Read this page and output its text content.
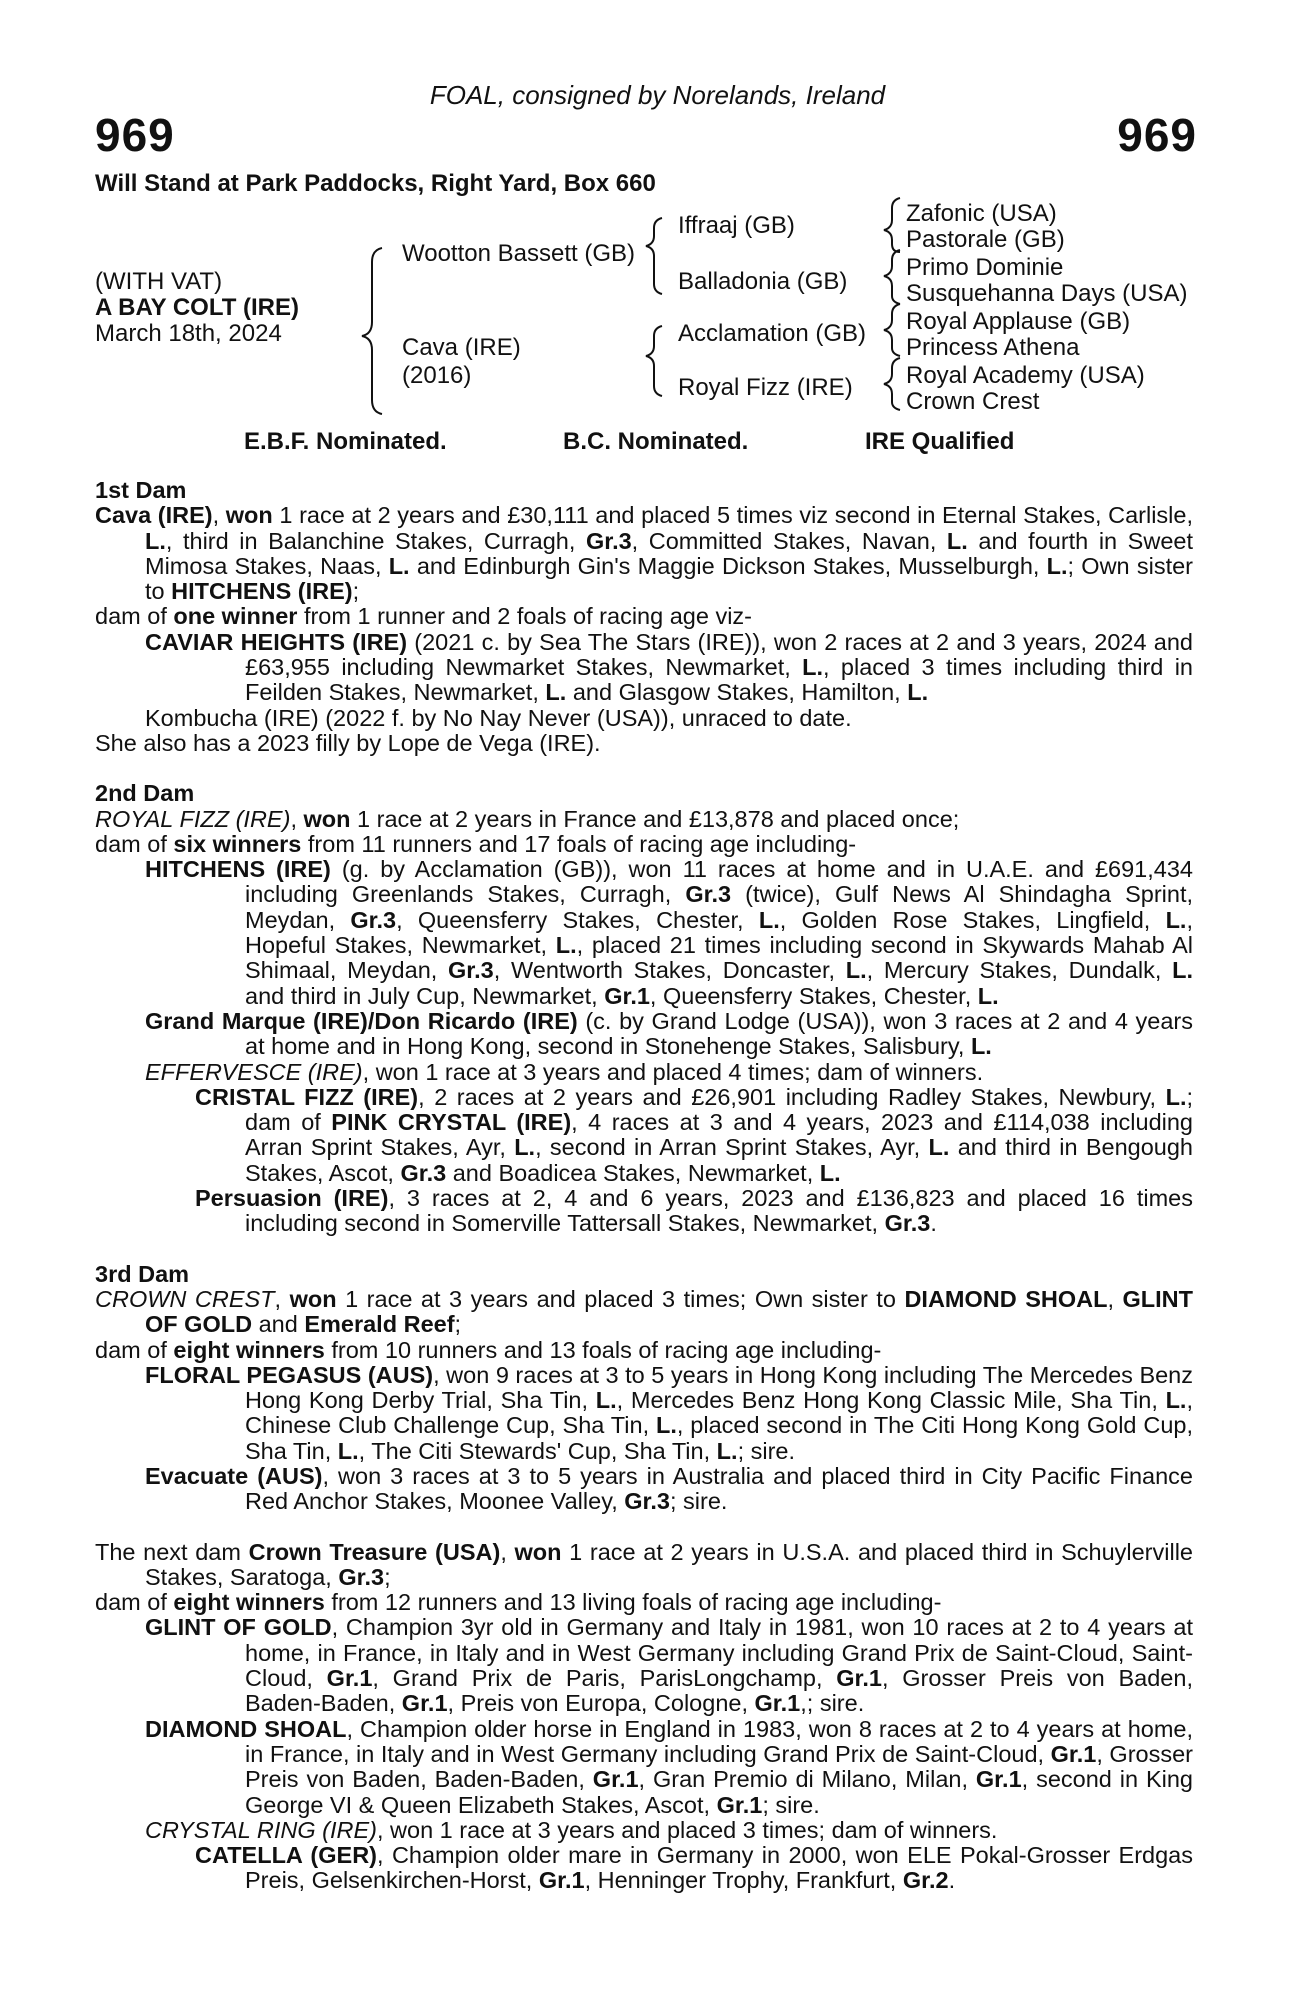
FOAL, consigned by Norelands, Ireland
969	969
Will Stand at Park Paddocks, Right Yard, Box 660
(WITH VAT)
A BAY COLT (IRE)
March 18th, 2024
Wootton Bassett (GB)
Cava (IRE)
(2016)
Iffraaj (GB)
Balladonia (GB)
Acclamation (GB)
Royal Fizz (IRE)
Zafonic (USA)
Pastorale (GB)
Primo Dominie
Susquehanna Days (USA)
Royal Applause (GB)
Princess Athena
Royal Academy (USA)
Crown Crest
E.B.F. Nominated.	B.C. Nominated.	IRE Qualified
1st Dam
Cava (IRE), won 1 race at 2 years and £30,111 and placed 5 times viz second in Eternal Stakes, Carlisle, L., third in Balanchine Stakes, Curragh, Gr.3, Committed Stakes, Navan, L. and fourth in Sweet Mimosa Stakes, Naas, L. and Edinburgh Gin's Maggie Dickson Stakes, Musselburgh, L.; Own sister to HITCHENS (IRE);
dam of one winner from 1 runner and 2 foals of racing age viz-
CAVIAR HEIGHTS (IRE) (2021 c. by Sea The Stars (IRE)), won 2 races at 2 and 3 years, 2024 and £63,955 including Newmarket Stakes, Newmarket, L., placed 3 times including third in Feilden Stakes, Newmarket, L. and Glasgow Stakes, Hamilton, L.
Kombucha (IRE) (2022 f. by No Nay Never (USA)), unraced to date.
She also has a 2023 filly by Lope de Vega (IRE).
2nd Dam
ROYAL FIZZ (IRE), won 1 race at 2 years in France and £13,878 and placed once;
dam of six winners from 11 runners and 17 foals of racing age including-
HITCHENS (IRE) (g. by Acclamation (GB)), won 11 races at home and in U.A.E. and £691,434 including Greenlands Stakes, Curragh, Gr.3 (twice), Gulf News Al Shindagha Sprint, Meydan, Gr.3, Queensferry Stakes, Chester, L., Golden Rose Stakes, Lingfield, L., Hopeful Stakes, Newmarket, L., placed 21 times including second in Skywards Mahab Al Shimaal, Meydan, Gr.3, Wentworth Stakes, Doncaster, L., Mercury Stakes, Dundalk, L. and third in July Cup, Newmarket, Gr.1, Queensferry Stakes, Chester, L.
Grand Marque (IRE)/Don Ricardo (IRE) (c. by Grand Lodge (USA)), won 3 races at 2 and 4 years at home and in Hong Kong, second in Stonehenge Stakes, Salisbury, L.
EFFERVESCE (IRE), won 1 race at 3 years and placed 4 times; dam of winners.
CRISTAL FIZZ (IRE), 2 races at 2 years and £26,901 including Radley Stakes, Newbury, L.; dam of PINK CRYSTAL (IRE), 4 races at 3 and 4 years, 2023 and £114,038 including Arran Sprint Stakes, Ayr, L., second in Arran Sprint Stakes, Ayr, L. and third in Bengough Stakes, Ascot, Gr.3 and Boadicea Stakes, Newmarket, L.
Persuasion (IRE), 3 races at 2, 4 and 6 years, 2023 and £136,823 and placed 16 times including second in Somerville Tattersall Stakes, Newmarket, Gr.3.
3rd Dam
CROWN CREST, won 1 race at 3 years and placed 3 times; Own sister to DIAMOND SHOAL, GLINT OF GOLD and Emerald Reef;
dam of eight winners from 10 runners and 13 foals of racing age including-
FLORAL PEGASUS (AUS), won 9 races at 3 to 5 years in Hong Kong including The Mercedes Benz Hong Kong Derby Trial, Sha Tin, L., Mercedes Benz Hong Kong Classic Mile, Sha Tin, L., Chinese Club Challenge Cup, Sha Tin, L., placed second in The Citi Hong Kong Gold Cup, Sha Tin, L., The Citi Stewards' Cup, Sha Tin, L.; sire.
Evacuate (AUS), won 3 races at 3 to 5 years in Australia and placed third in City Pacific Finance Red Anchor Stakes, Moonee Valley, Gr.3; sire.
The next dam Crown Treasure (USA), won 1 race at 2 years in U.S.A. and placed third in Schuylerville Stakes, Saratoga, Gr.3;
dam of eight winners from 12 runners and 13 living foals of racing age including-
GLINT OF GOLD, Champion 3yr old in Germany and Italy in 1981, won 10 races at 2 to 4 years at home, in France, in Italy and in West Germany including Grand Prix de Saint-Cloud, Saint-Cloud, Gr.1, Grand Prix de Paris, ParisLongchamp, Gr.1, Grosser Preis von Baden, Baden-Baden, Gr.1, Preis von Europa, Cologne, Gr.1,; sire.
DIAMOND SHOAL, Champion older horse in England in 1983, won 8 races at 2 to 4 years at home, in France, in Italy and in West Germany including Grand Prix de Saint-Cloud, Gr.1, Grosser Preis von Baden, Baden-Baden, Gr.1, Gran Premio di Milano, Milan, Gr.1, second in King George VI & Queen Elizabeth Stakes, Ascot, Gr.1; sire.
CRYSTAL RING (IRE), won 1 race at 3 years and placed 3 times; dam of winners.
CATELLA (GER), Champion older mare in Germany in 2000, won ELE Pokal-Grosser Erdgas Preis, Gelsenkirchen-Horst, Gr.1, Henninger Trophy, Frankfurt, Gr.2.
